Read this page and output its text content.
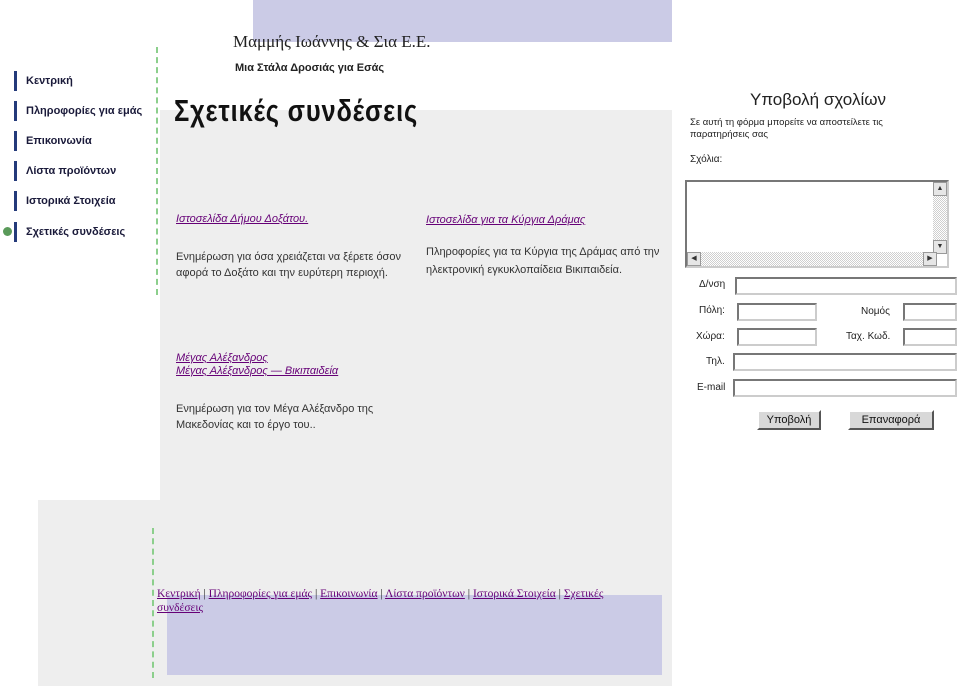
Μαμμής Ιωάννης & Σια Ε.Ε.
Μια Στάλα Δροσιάς για Εσάς
Σχετικές συνδέσεις
Κεντρική
Πληροφορίες για εμάς
Επικοινωνία
Λίστα προϊόντων
Ιστορικά Στοιχεία
Σχετικές συνδέσεις
Ιστοσελίδα Δήμου Δοξάτου.
Ενημέρωση για όσα χρειάζεται να ξέρετε όσον αφορά το Δοξάτο και την ευρύτερη περιοχή.
Ιστοσελίδα για τα Κύργια Δράμας
Πληροφορίες για τα Κύργια της Δράμας από την ηλεκτρονική εγκυκλοπαίδεια Βικιπαιδεία.
Μέγας Αλέξανδρος
Μέγας Αλέξανδρος — Βικιπαιδεία
Ενημέρωση για τον Μέγα Αλέξανδρο της Μακεδονίας και το έργο του..
Υποβολή σχολίων
Σε αυτή τη φόρμα μπορείτε να αποστείλετε τις παρατηρήσεις σας
Σχόλια:
▲
▼
◀	▶
Δ/νση
Πόλη:	Νομός
Χώρα:	Ταχ. Κωδ.
Τηλ.
E-mail
Υποβολή	Επαναφορά
Κεντρική | Πληροφορίες για εμάς | Επικοινωνία | Λίστα προϊόντων | Ιστορικά Στοιχεία | Σχετικές συνδέσεις
